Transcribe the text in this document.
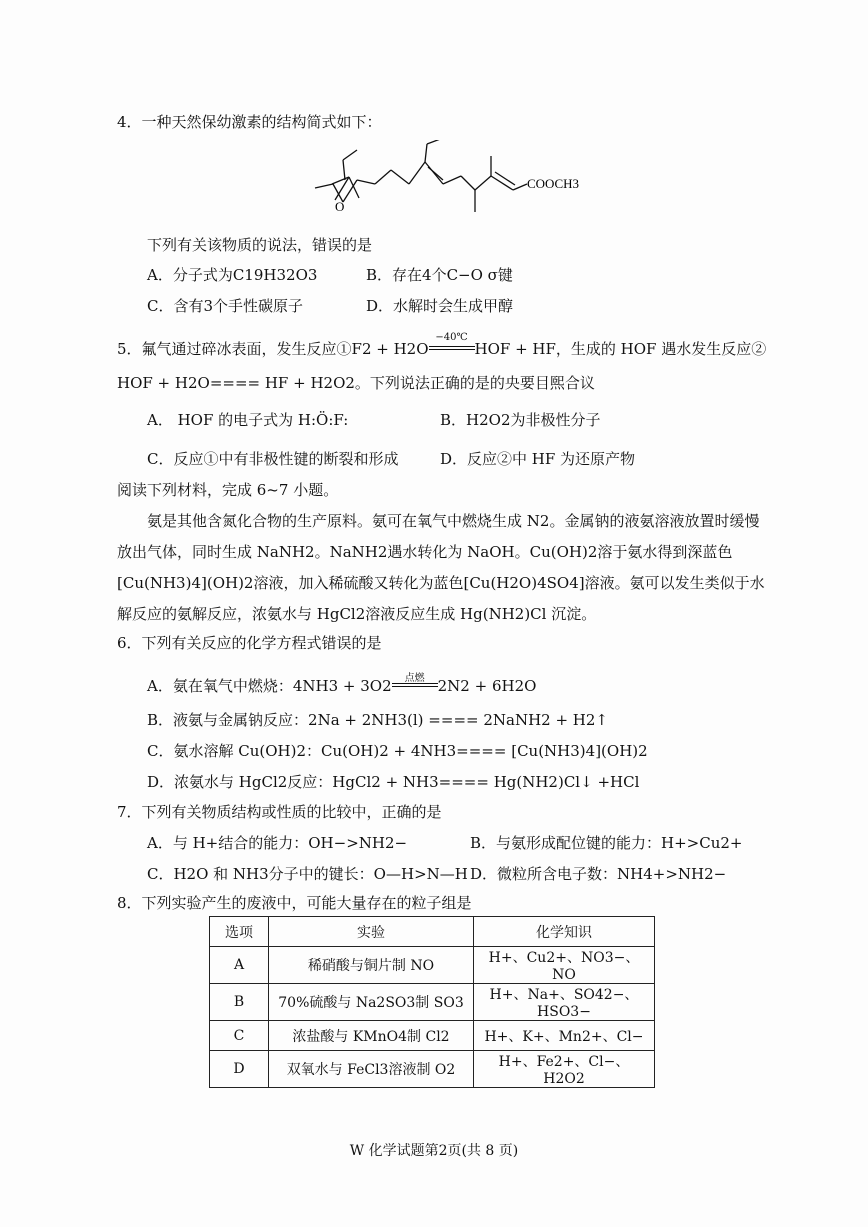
4．一种天然保幼激素的结构简式如下：
O
COOCH3
下列有关该物质的说法，错误的是
A．分子式为C19H32O3	B．存在4个C−O σ键
C．含有3个手性碳原子	D．水解时会生成甲醇
5．氟气通过碎冰表面，发生反应①F2 + H2O
−40℃
HOF + HF，生成的 HOF 遇水发生反应②
HOF + H2O==== HF + H2O2。下列说法正确的是的央要目煕合议
A． HOF 的电子式为 H:Ö:F:	B．H2O2为非极性分子
C．反应①中有非极性键的断裂和形成	D．反应②中 HF 为还原产物
阅读下列材料，完成 6~7 小题。
氨是其他含氮化合物的生产原料。氨可在氧气中燃烧生成 N2。金属钠的液氨溶液放置时缓慢放出气体，同时生成 NaNH2。NaNH2遇水转化为 NaOH。Cu(OH)2溶于氨水得到深蓝色[Cu(NH3)4](OH)2溶液，加入稀硫酸又转化为蓝色[Cu(H2O)4SO4]溶液。氨可以发生类似于水解反应的氨解反应，浓氨水与 HgCl2溶液反应生成 Hg(NH2)Cl 沉淀。
6．下列有关反应的化学方程式错误的是
A．氨在氧气中燃烧：4NH3 + 3O2	点燃 2N2 + 6H2O
B．液氨与金属钠反应：2Na + 2NH3(l) ==== 2NaNH2 + H2↑
C．氨水溶解 Cu(OH)2：Cu(OH)2 + 4NH3==== [Cu(NH3)4](OH)2
D．浓氨水与 HgCl2反应：HgCl2 + NH3==== Hg(NH2)Cl↓ +HCl
7．下列有关物质结构或性质的比较中，正确的是
A．与 H+结合的能力：OH−>NH2−	B．与氨形成配位键的能力：H+>Cu2+
C．H2O 和 NH3分子中的键长：O—H>N—H D．微粒所含电子数：NH4+>NH2−
8．下列实验产生的废液中，可能大量存在的粒子组是
选项	实验	化学知识
A	稀硝酸与铜片制 NO	H+、Cu2+、NO3−、NO
B	70%硫酸与 Na2SO3制 SO3	H+、Na+、SO42−、HSO3−
C	浓盐酸与 KMnO4制 Cl2	H+、K+、Mn2+、Cl−
D	双氧水与 FeCl3溶液制 O2	H+、Fe2+、Cl−、H2O2
W 化学试题第2页(共 8 页)
